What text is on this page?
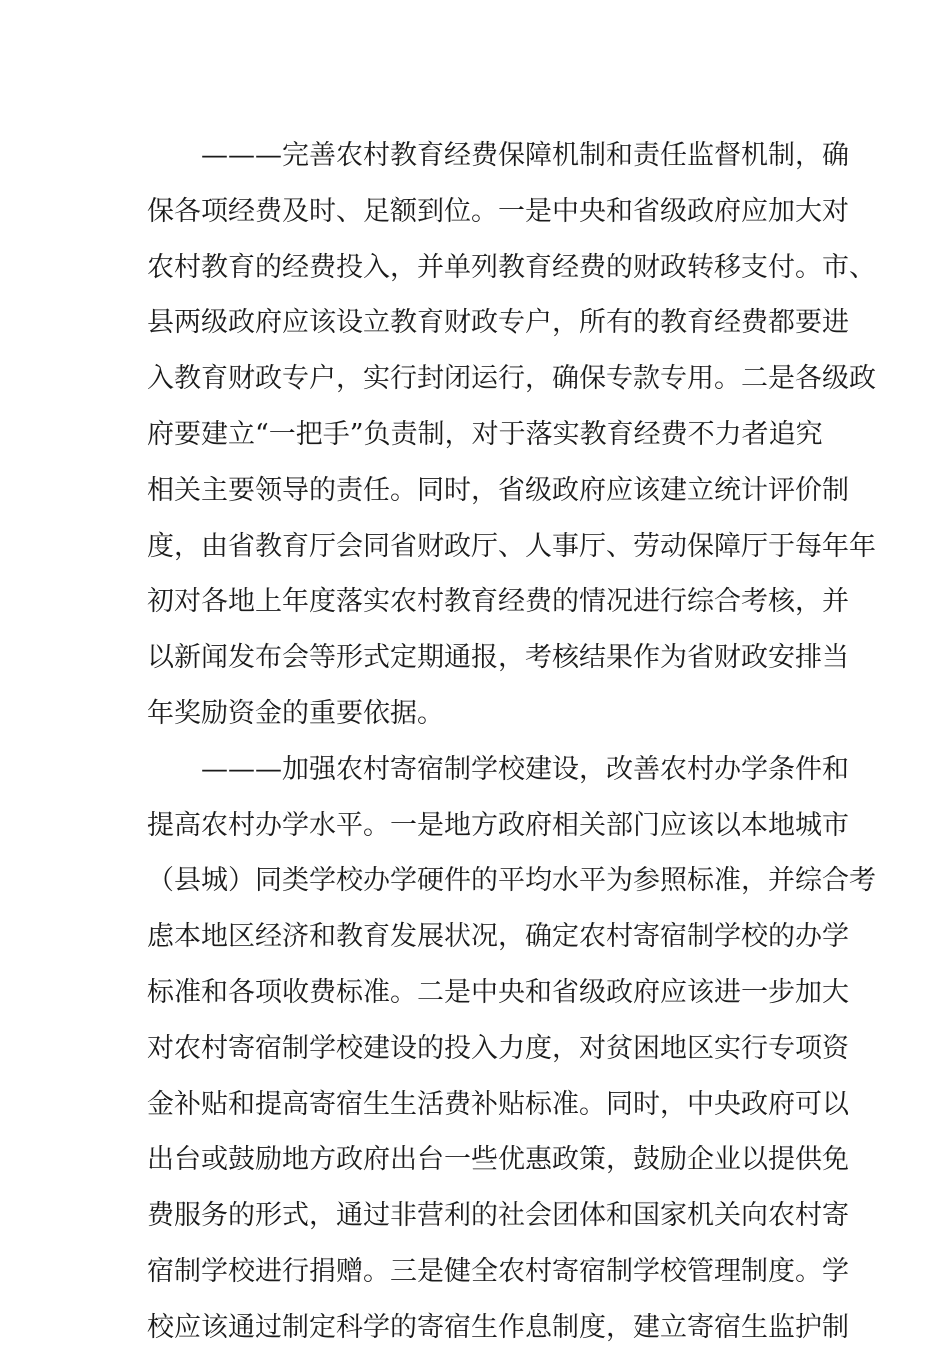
———完善农村教育经费保障机制和责任监督机制，确
保各项经费及时、足额到位。一是中央和省级政府应加大对
农村教育的经费投入，并单列教育经费的财政转移支付。市、
县两级政府应该设立教育财政专户，所有的教育经费都要进
入教育财政专户，实行封闭运行，确保专款专用。二是各级政
府要建立“一把手”负责制，对于落实教育经费不力者追究
相关主要领导的责任。同时，省级政府应该建立统计评价制
度，由省教育厅会同省财政厅、人事厅、劳动保障厅于每年年
初对各地上年度落实农村教育经费的情况进行综合考核，并
以新闻发布会等形式定期通报，考核结果作为省财政安排当
年奖励资金的重要依据。
———加强农村寄宿制学校建设，改善农村办学条件和
提高农村办学水平。一是地方政府相关部门应该以本地城市
（县城）同类学校办学硬件的平均水平为参照标准，并综合考
虑本地区经济和教育发展状况，确定农村寄宿制学校的办学
标准和各项收费标准。二是中央和省级政府应该进一步加大
对农村寄宿制学校建设的投入力度，对贫困地区实行专项资
金补贴和提高寄宿生生活费补贴标准。同时，中央政府可以
出台或鼓励地方政府出台一些优惠政策，鼓励企业以提供免
费服务的形式，通过非营利的社会团体和国家机关向农村寄
宿制学校进行捐赠。三是健全农村寄宿制学校管理制度。学
校应该通过制定科学的寄宿生作息制度，建立寄宿生监护制
